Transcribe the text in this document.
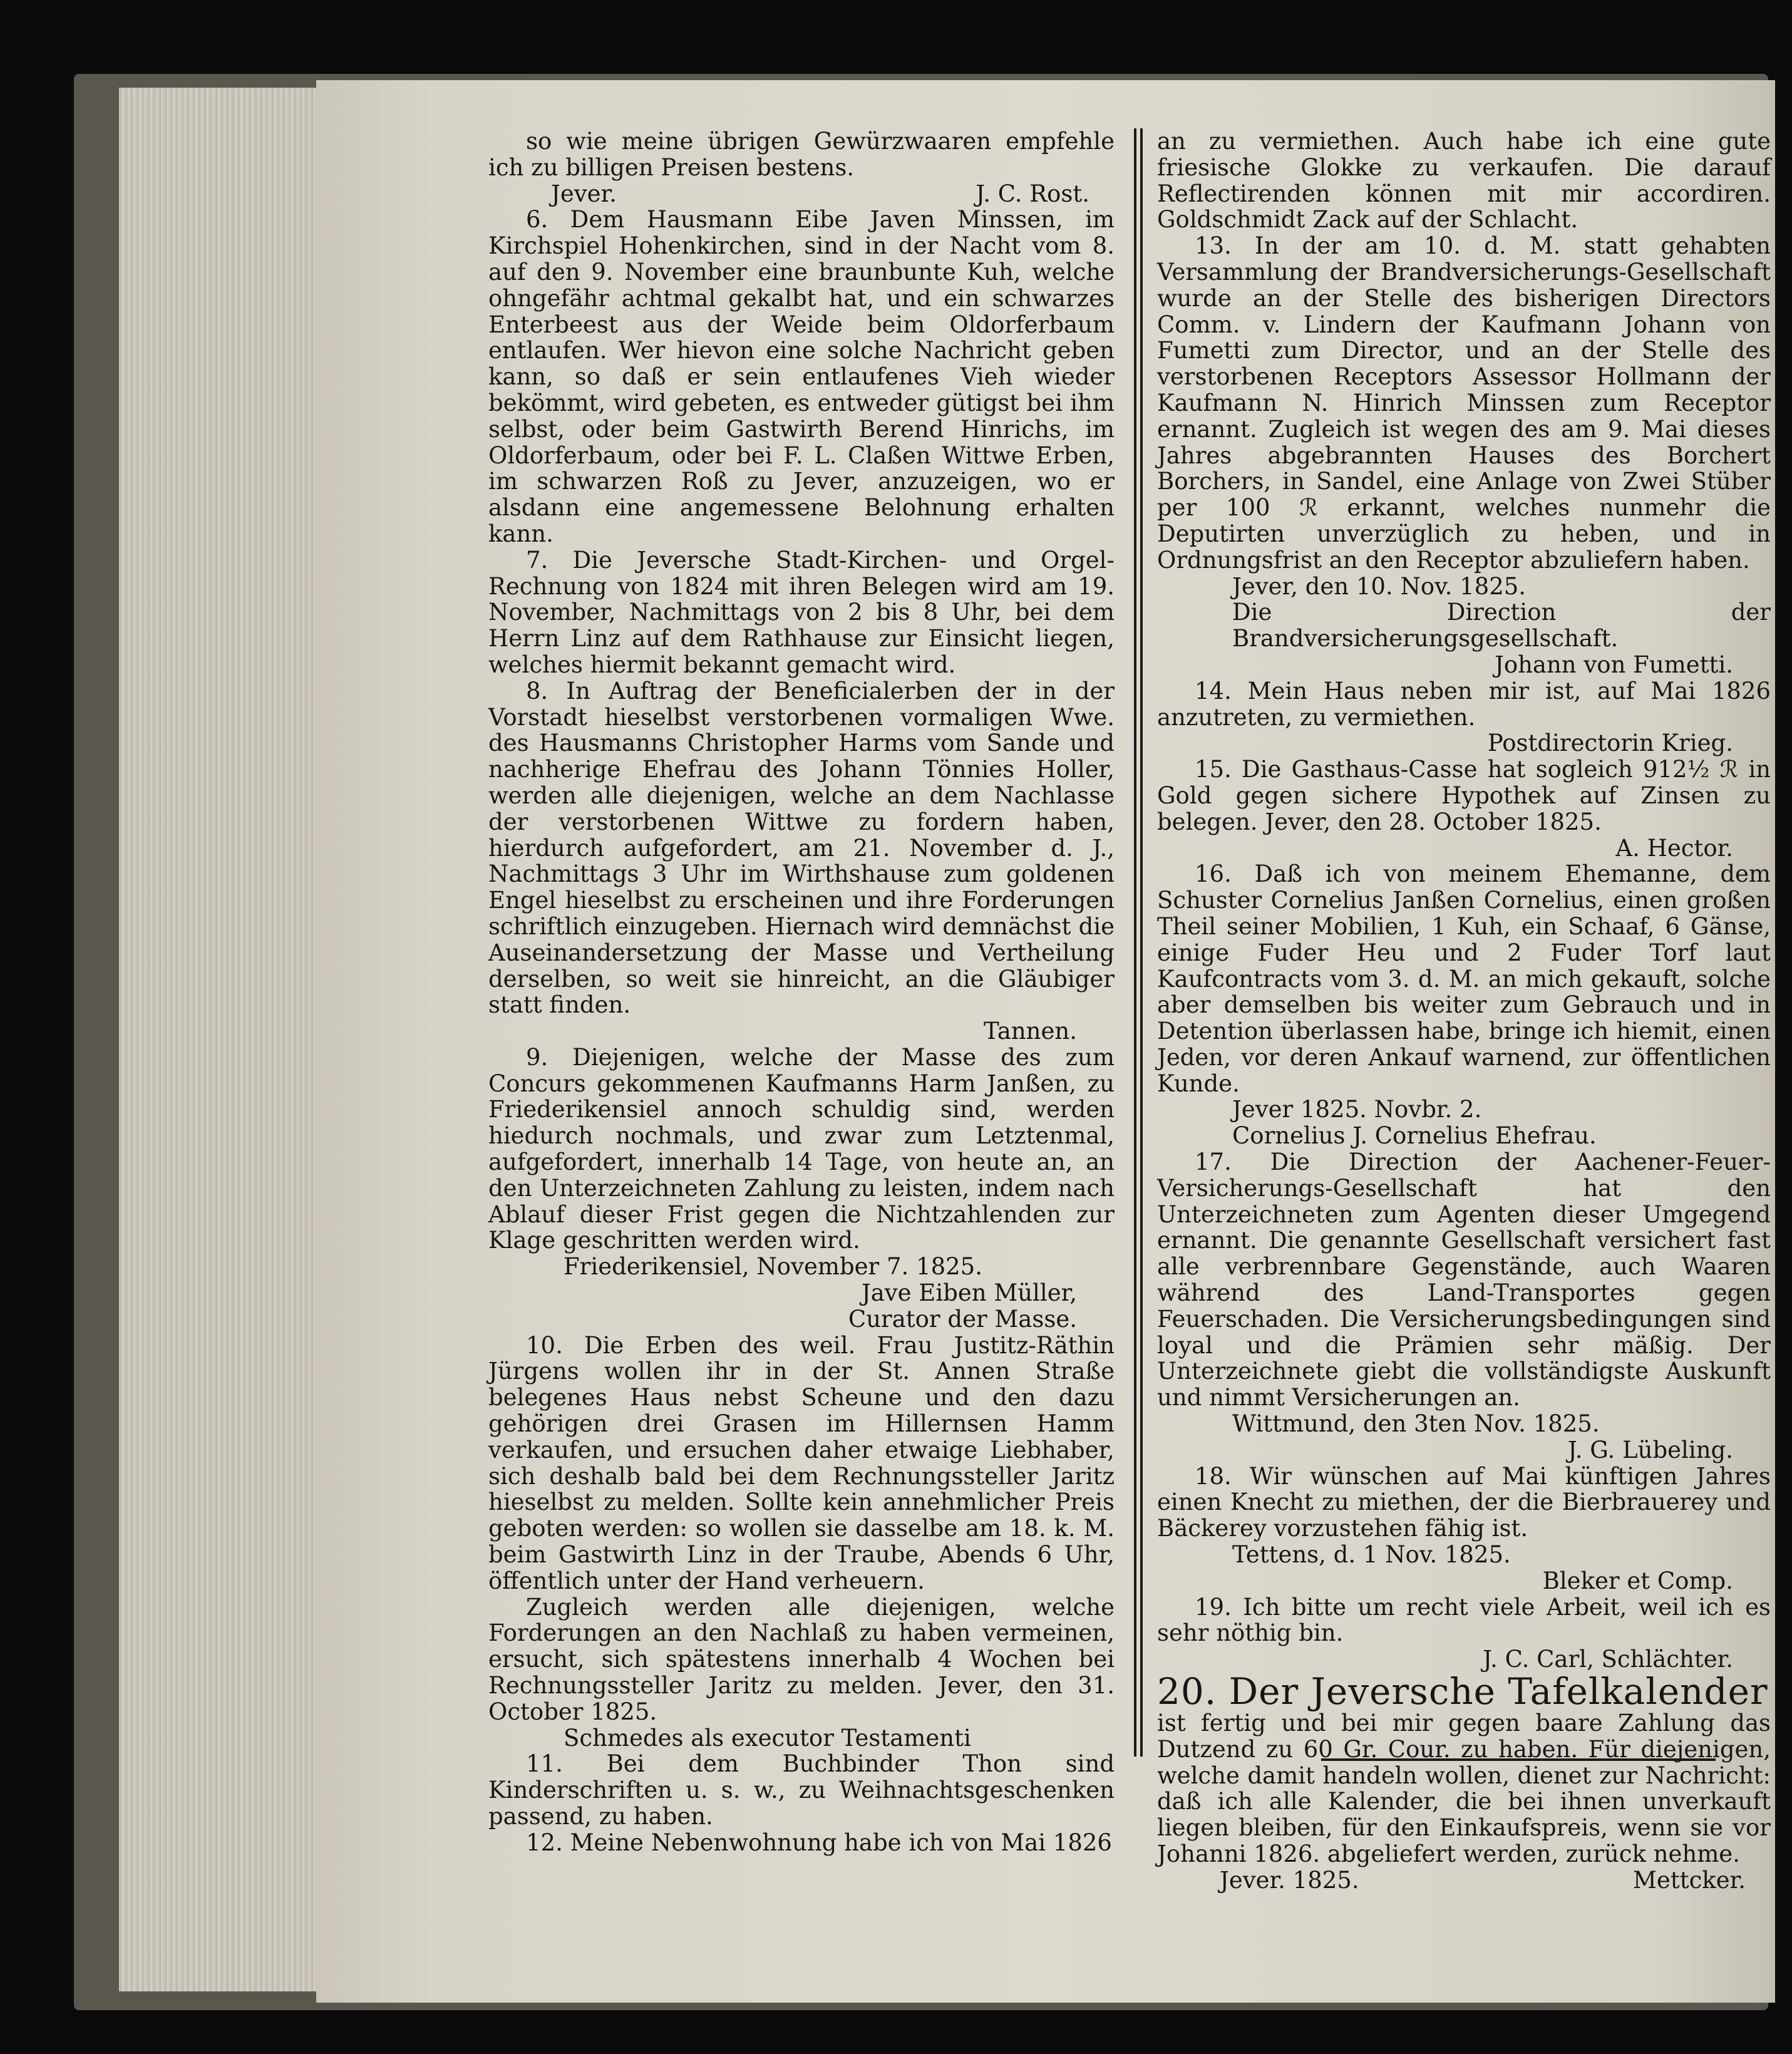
so wie meine übrigen Gewürzwaaren empfehle ich zu billigen Preisen bestens.

Jever.	J. C. Rost.

6. Dem Hausmann Eibe Javen Minssen, im Kirchspiel Hohenkirchen, sind in der Nacht vom 8. auf den 9. November eine braunbunte Kuh, welche ohngefähr achtmal gekalbt hat, und ein schwarzes Enterbeest aus der Weide beim Oldorferbaum entlaufen. Wer hievon eine solche Nachricht geben kann, so daß er sein entlaufenes Vieh wieder bekömmt, wird gebeten, es entweder gütigst bei ihm selbst, oder beim Gastwirth Berend Hinrichs, im Oldorferbaum, oder bei F. L. Claßen Wittwe Erben, im schwarzen Roß zu Jever, anzuzeigen, wo er alsdann eine angemessene Belohnung erhalten kann.

7. Die Jeversche Stadt-Kirchen- und Orgel-Rechnung von 1824 mit ihren Belegen wird am 19. November, Nachmittags von 2 bis 8 Uhr, bei dem Herrn Linz auf dem Rathhause zur Einsicht liegen, welches hiermit bekannt gemacht wird.

8. In Auftrag der Beneficialerben der in der Vorstadt hieselbst verstorbenen vormaligen Wwe. des Hausmanns Christopher Harms vom Sande und nachherige Ehefrau des Johann Tönnies Holler, werden alle diejenigen, welche an dem Nachlasse der verstorbenen Wittwe zu fordern haben, hierdurch aufgefordert, am 21. November d. J., Nachmittags 3 Uhr im Wirthshause zum goldenen Engel hieselbst zu erscheinen und ihre Forderungen schriftlich einzugeben. Hiernach wird demnächst die Auseinandersetzung der Masse und Vertheilung derselben, so weit sie hinreicht, an die Gläubiger statt finden.

Tannen.

9. Diejenigen, welche der Masse des zum Concurs gekommenen Kaufmanns Harm Janßen, zu Friederikensiel annoch schuldig sind, werden hiedurch nochmals, und zwar zum Letztenmal, aufgefordert, innerhalb 14 Tage, von heute an, an den Unterzeichneten Zahlung zu leisten, indem nach Ablauf dieser Frist gegen die Nichtzahlenden zur Klage geschritten werden wird.

Friederikensiel, November 7. 1825.
Jave Eiben Müller,
Curator der Masse.

10. Die Erben des weil. Frau Justitz-Räthin Jürgens wollen ihr in der St. Annen Straße belegenes Haus nebst Scheune und den dazu gehörigen drei Grasen im Hillernsen Hamm verkaufen, und ersuchen daher etwaige Liebhaber, sich deshalb bald bei dem Rechnungssteller Jaritz hieselbst zu melden. Sollte kein annehmlicher Preis geboten werden: so wollen sie dasselbe am 18. k. M. beim Gastwirth Linz in der Traube, Abends 6 Uhr, öffentlich unter der Hand verheuern.

Zugleich werden alle diejenigen, welche Forderungen an den Nachlaß zu haben vermeinen, ersucht, sich spätestens innerhalb 4 Wochen bei Rechnungssteller Jaritz zu melden. Jever, den 31. October 1825.

Schmedes als executor Testamenti

11. Bei dem Buchbinder Thon sind Kinderschriften u. s. w., zu Weihnachtsgeschenken passend, zu haben.

12. Meine Nebenwohnung habe ich von Mai 1826

an zu vermiethen. Auch habe ich eine gute friesische Glokke zu verkaufen. Die darauf Reflectirenden können mit mir accordiren. Goldschmidt Zack auf der Schlacht.

13. In der am 10. d. M. statt gehabten Versammlung der Brandversicherungs-Gesellschaft wurde an der Stelle des bisherigen Directors Comm. v. Lindern der Kaufmann Johann von Fumetti zum Director, und an der Stelle des verstorbenen Receptors Assessor Hollmann der Kaufmann N. Hinrich Minssen zum Receptor ernannt. Zugleich ist wegen des am 9. Mai dieses Jahres abgebrannten Hauses des Borchert Borchers, in Sandel, eine Anlage von Zwei Stüber per 100 ℛ erkannt, welches nunmehr die Deputirten unverzüglich zu heben, und in Ordnungsfrist an den Receptor abzuliefern haben.

Jever, den 10. Nov. 1825.
Die Direction der Brandversicherungsgesellschaft.
Johann von Fumetti.

14. Mein Haus neben mir ist, auf Mai 1826 anzutreten, zu vermiethen.

Postdirectorin Krieg.

15. Die Gasthaus-Casse hat sogleich 912½ ℛ in Gold gegen sichere Hypothek auf Zinsen zu belegen. Jever, den 28. October 1825.

A. Hector.

16. Daß ich von meinem Ehemanne, dem Schuster Cornelius Janßen Cornelius, einen großen Theil seiner Mobilien, 1 Kuh, ein Schaaf, 6 Gänse, einige Fuder Heu und 2 Fuder Torf laut Kaufcontracts vom 3. d. M. an mich gekauft, solche aber demselben bis weiter zum Gebrauch und in Detention überlassen habe, bringe ich hiemit, einen Jeden, vor deren Ankauf warnend, zur öffentlichen Kunde.

Jever 1825. Novbr. 2.
Cornelius J. Cornelius Ehefrau.

17. Die Direction der Aachener-Feuer-Versicherungs-Gesellschaft hat den Unterzeichneten zum Agenten dieser Umgegend ernannt. Die genannte Gesellschaft versichert fast alle verbrennbare Gegenstände, auch Waaren während des Land-Transportes gegen Feuerschaden. Die Versicherungsbedingungen sind loyal und die Prämien sehr mäßig. Der Unterzeichnete giebt die vollständigste Auskunft und nimmt Versicherungen an.

Wittmund, den 3ten Nov. 1825.
J. G. Lübeling.

18. Wir wünschen auf Mai künftigen Jahres einen Knecht zu miethen, der die Bierbrauerey und Bäckerey vorzustehen fähig ist.

Tettens, d. 1 Nov. 1825.
Bleker et Comp.

19. Ich bitte um recht viele Arbeit, weil ich es sehr nöthig bin.

J. C. Carl, Schlächter.
20. Der Jeversche Tafelkalender

ist fertig und bei mir gegen baare Zahlung das Dutzend zu 60 Gr. Cour. zu haben. Für diejenigen, welche damit handeln wollen, dienet zur Nachricht: daß ich alle Kalender, die bei ihnen unverkauft liegen bleiben, für den Einkaufspreis, wenn sie vor Johanni 1826. abgeliefert werden, zurück nehme.

Jever. 1825.	Mettcker.
